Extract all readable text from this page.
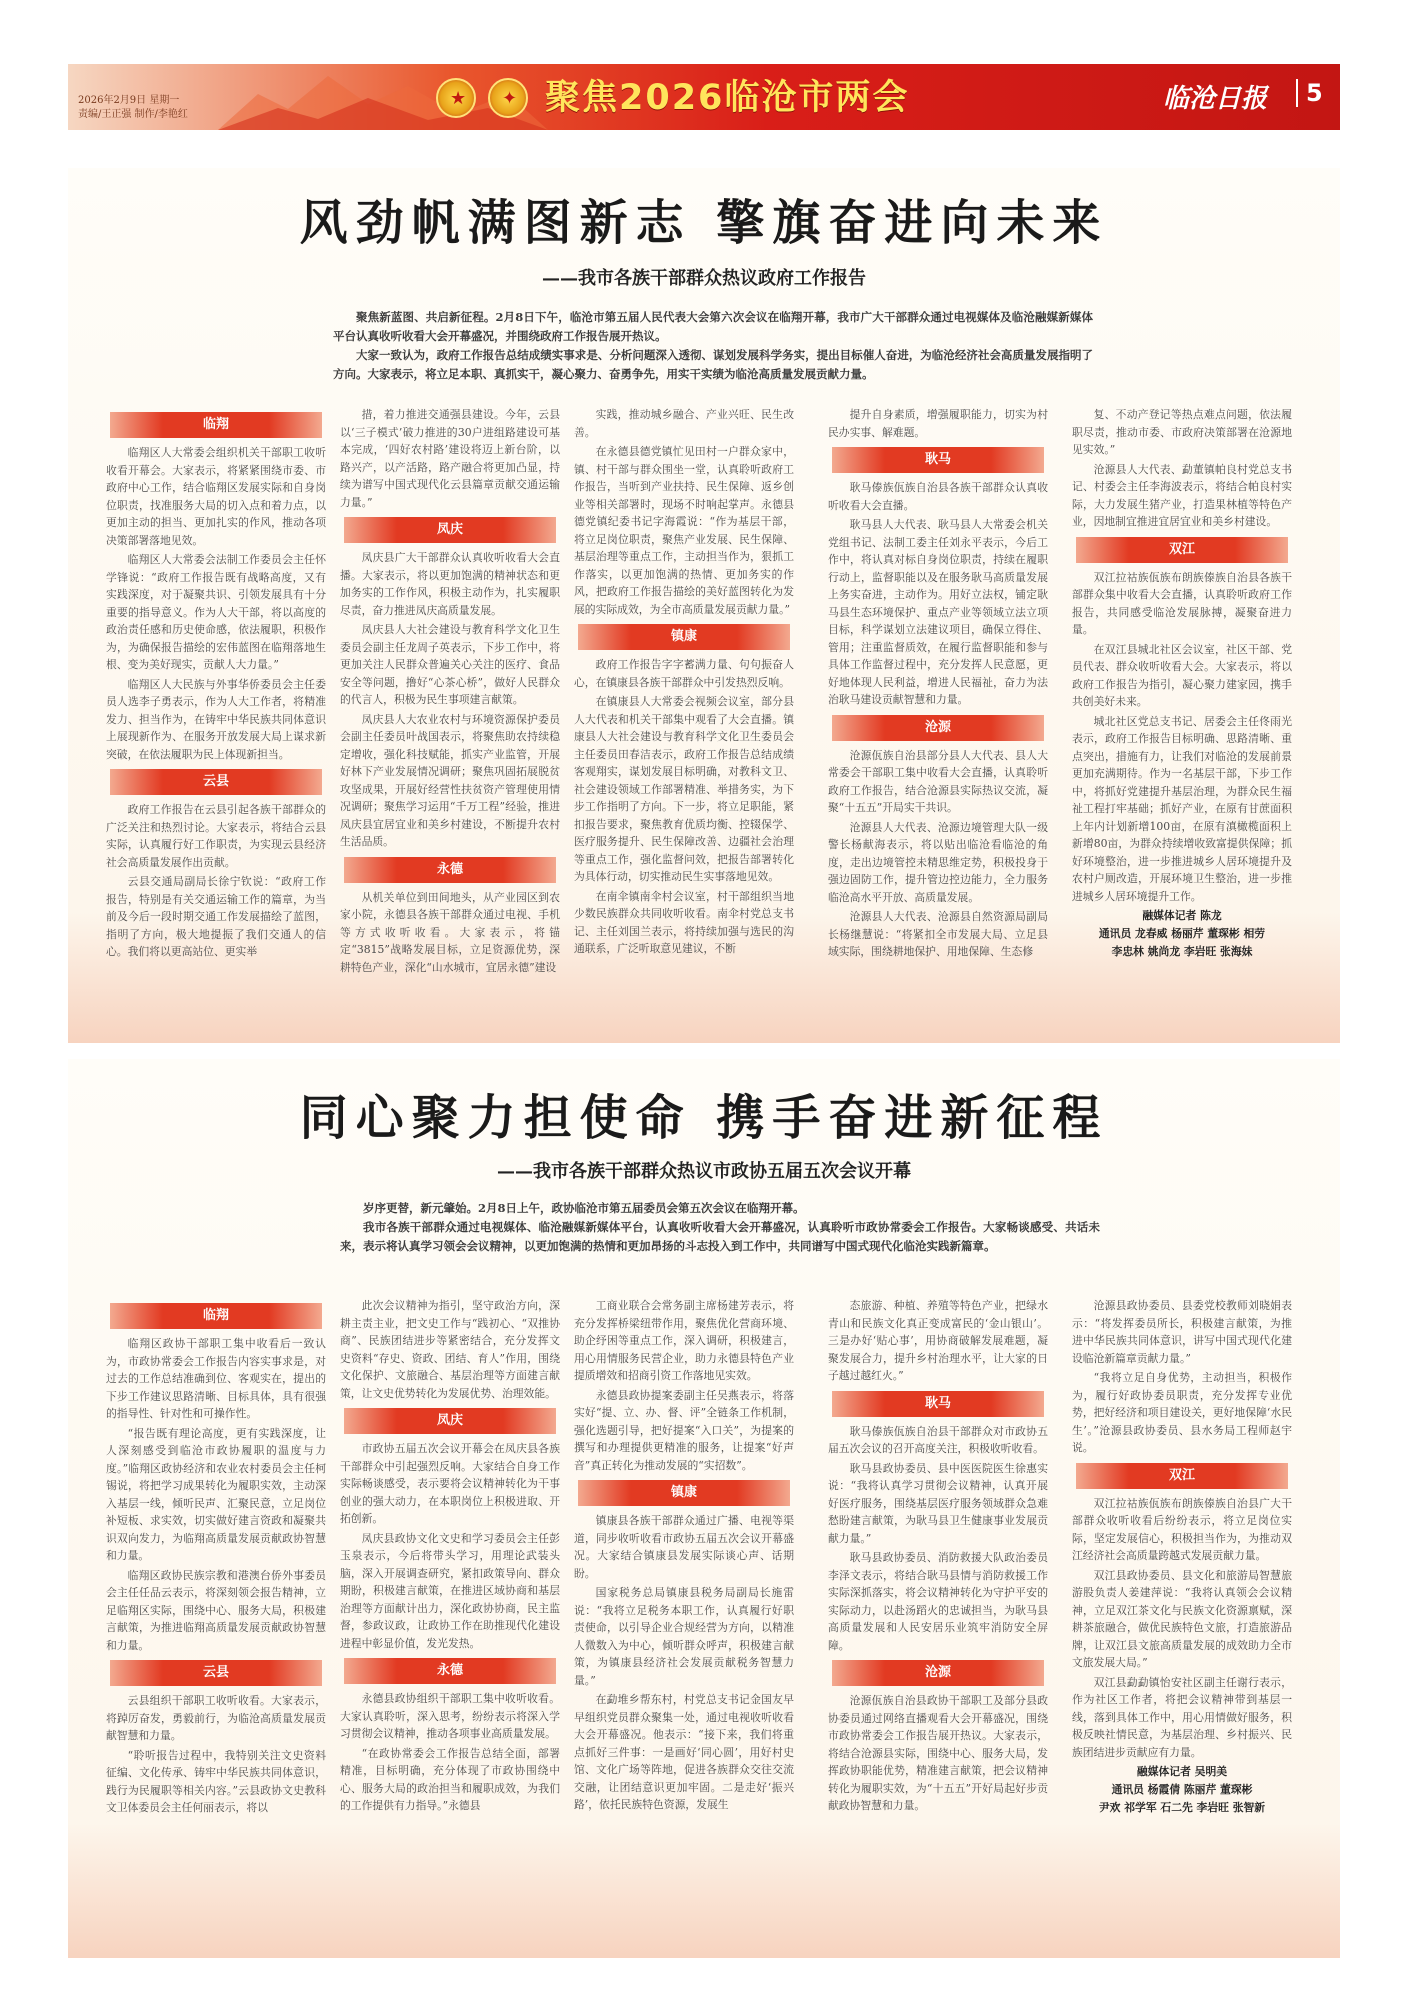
2026年2月9日 星期一
责编/王正强 制作/李艳红
★ ✦ 聚焦2026临沧市两会	临沧日报	5
风劲帆满图新志 擎旗奋进向未来
——我市各族干部群众热议政府工作报告

聚焦新蓝图、共启新征程。2月8日下午，临沧市第五届人民代表大会第六次会议在临翔开幕，我市广大干部群众通过电视媒体及临沧融媒新媒体平台认真收听收看大会开幕盛况，并围绕政府工作报告展开热议。

大家一致认为，政府工作报告总结成绩实事求是、分析问题深入透彻、谋划发展科学务实，提出目标催人奋进，为临沧经济社会高质量发展指明了方向。大家表示，将立足本职、真抓实干，凝心聚力、奋勇争先，用实干实绩为临沧高质量发展贡献力量。

临翔

临翔区人大常委会组织机关干部职工收听收看开幕会。大家表示，将紧紧围绕市委、市政府中心工作，结合临翔区发展实际和自身岗位职责，找准服务大局的切入点和着力点，以更加主动的担当、更加扎实的作风，推动各项决策部署落地见效。

临翔区人大常委会法制工作委员会主任怀学锋说：“政府工作报告既有战略高度，又有实践深度，对于凝聚共识、引领发展具有十分重要的指导意义。作为人大干部，将以高度的政治责任感和历史使命感，依法履职，积极作为，为确保报告描绘的宏伟蓝图在临翔落地生根、变为美好现实，贡献人大力量。”

临翔区人大民族与外事华侨委员会主任委员人选李子勇表示，作为人大工作者，将精准发力、担当作为，在铸牢中华民族共同体意识上展现新作为、在服务开放发展大局上谋求新突破，在依法履职为民上体现新担当。

云县

政府工作报告在云县引起各族干部群众的广泛关注和热烈讨论。大家表示，将结合云县实际，认真履行好工作职责，为实现云县经济社会高质量发展作出贡献。

云县交通局副局长徐宁钦说：“政府工作报告，特别是有关交通运输工作的篇章，为当前及今后一段时期交通工作发展描绘了蓝图，指明了方向，极大地提振了我们交通人的信心。我们将以更高站位、更实举

措，着力推进交通强县建设。今年，云县以‘三子模式’破力推进的30户进组路建设可基本完成，‘四好农村路’建设将迈上新台阶，以路兴产，以产活路，路产融合将更加凸显，持续为谱写中国式现代化云县篇章贡献交通运输力量。”

凤庆

凤庆县广大干部群众认真收听收看大会直播。大家表示，将以更加饱满的精神状态和更加务实的工作作风，积极主动作为，扎实履职尽责，奋力推进凤庆高质量发展。

凤庆县人大社会建设与教育科学文化卫生委员会副主任龙周子英表示，下步工作中，将更加关注人民群众普遍关心关注的医疗、食品安全等问题，撸好“心茶心桥”，做好人民群众的代言人，积极为民生事项建言献策。

凤庆县人大农业农村与环境资源保护委员会副主任委员叶战国表示，将聚焦助农持续稳定增收，强化科技赋能，抓实产业监管，开展好林下产业发展情况调研；聚焦巩固拓展脱贫攻坚成果，开展好经营性扶贫资产管理使用情况调研；聚焦学习运用“千万工程”经验，推进凤庆县宜居宜业和美乡村建设，不断提升农村生活品质。

永德

从机关单位到田间地头，从产业园区到农家小院，永德县各族干部群众通过电视、手机等方式收听收看。大家表示，将锚定“3815”战略发展目标，立足资源优势，深耕特色产业，深化“山水城市，宜居永德”建设

实践，推动城乡融合、产业兴旺、民生改善。

在永德县德党镇忙见田村一户群众家中，镇、村干部与群众围坐一堂，认真聆听政府工作报告，当听到产业扶持、民生保障、返乡创业等相关部署时，现场不时响起掌声。永德县德党镇纪委书记字海霞说：“作为基层干部，将立足岗位职责，聚焦产业发展、民生保障、基层治理等重点工作，主动担当作为，狠抓工作落实，以更加饱满的热情、更加务实的作风，把政府工作报告描绘的美好蓝图转化为发展的实际成效，为全市高质量发展贡献力量。”

镇康

政府工作报告字字蓄满力量、句句振奋人心，在镇康县各族干部群众中引发热烈反响。

在镇康县人大常委会视频会议室，部分县人大代表和机关干部集中观看了大会直播。镇康县人大社会建设与教育科学文化卫生委员会主任委员田春洁表示，政府工作报告总结成绩客观翔实，谋划发展目标明确，对教科文卫、社会建设领域工作部署精准、举措务实，为下步工作指明了方向。下一步，将立足职能，紧扣报告要求，聚焦教育优质均衡、控辍保学、医疗服务提升、民生保障改善、边疆社会治理等重点工作，强化监督问效，把报告部署转化为具体行动，切实推动民生实事落地见效。

在南伞镇南伞村会议室，村干部组织当地少数民族群众共同收听收看。南伞村党总支书记、主任刘国兰表示，将持续加强与选民的沟通联系，广泛听取意见建议，不断

提升自身素质，增强履职能力，切实为村民办实事、解难题。

耿马

耿马傣族佤族自治县各族干部群众认真收听收看大会直播。

耿马县人大代表、耿马县人大常委会机关党组书记、法制工委主任刘永平表示，今后工作中，将认真对标自身岗位职责，持续在履职行动上，监督职能以及在服务耿马高质量发展上务实奋进，主动作为。用好立法权，铺定耿马县生态环境保护、重点产业等领域立法立项目标，科学谋划立法建议项目，确保立得住、管用；注重监督质效，在履行监督职能和参与具体工作监督过程中，充分发挥人民意愿，更好地体现人民利益，增进人民福祉，奋力为法治耿马建设贡献智慧和力量。

沧源

沧源佤族自治县部分县人大代表、县人大常委会干部职工集中收看大会直播，认真聆听政府工作报告，结合沧源县实际热议交流，凝聚“十五五”开局实干共识。

沧源县人大代表、沧源边境管理大队一级警长杨献海表示，将以贴出临沧看临沧的角度，走出边境管控未精思维定势，积极投身于强边固防工作，提升管边控边能力，全力服务临沧高水平开放、高质量发展。

沧源县人大代表、沧源县自然资源局副局长杨继慧说：“将紧扣全市发展大局、立足县域实际，围绕耕地保护、用地保障、生态修

复、不动产登记等热点难点问题，依法履职尽责，推动市委、市政府决策部署在沧源地见实效。”

沧源县人大代表、勐董镇帕良村党总支书记、村委会主任李海波表示，将结合帕良村实际，大力发展生猪产业，打造果林植等特色产业，因地制宜推进宜居宜业和美乡村建设。

双江

双江拉祜族佤族布朗族傣族自治县各族干部群众集中收看大会直播，认真聆听政府工作报告，共同感受临沧发展脉搏，凝聚奋进力量。

在双江县城北社区会议室，社区干部、党员代表、群众收听收看大会。大家表示，将以政府工作报告为指引，凝心聚力建家园，携手共创美好未来。

城北社区党总支书记、居委会主任佟雨光表示，政府工作报告目标明确、思路清晰、重点突出，措施有力，让我们对临沧的发展前景更加充满期待。作为一名基层干部，下步工作中，将抓好党建提升基层治理，为群众民生福祉工程打牢基础；抓好产业，在原有甘蔗面积上年内计划新增100亩，在原有滇橄榄面积上新增80亩，为群众持续增收致富提供保障；抓好环境整治，进一步推进城乡人居环境提升及农村户厕改造，开展环境卫生整治，进一步推进城乡人居环境提升工作。

融媒体记者 陈龙
通讯员 龙春威 杨丽芹 董琛彬 相劳
李忠林 姚尚龙 李岩旺 张海妹
同心聚力担使命 携手奋进新征程
——我市各族干部群众热议市政协五届五次会议开幕

岁序更替，新元肇始。2月8日上午，政协临沧市第五届委员会第五次会议在临翔开幕。

我市各族干部群众通过电视媒体、临沧融媒新媒体平台，认真收听收看大会开幕盛况，认真聆听市政协常委会工作报告。大家畅谈感受、共话未来，表示将认真学习领会会议精神，以更加饱满的热情和更加昂扬的斗志投入到工作中，共同谱写中国式现代化临沧实践新篇章。

临翔

临翔区政协干部职工集中收看后一致认为，市政协常委会工作报告内容实事求是，对过去的工作总结准确到位、客观实在，提出的下步工作建议思路清晰、目标具体，具有很强的指导性、针对性和可操作性。

“报告既有理论高度，更有实践深度，让人深刻感受到临沧市政协履职的温度与力度。”临翔区政协经济和农业农村委员会主任柯锡说，将把学习成果转化为履职实效，主动深入基层一线，倾听民声、汇聚民意，立足岗位补短板、求实效，切实做好建言资政和凝聚共识双向发力，为临翔高质量发展贡献政协智慧和力量。

临翔区政协民族宗教和港澳台侨外事委员会主任任品云表示，将深刻领会报告精神，立足临翔区实际，围绕中心、服务大局，积极建言献策，为推进临翔高质量发展贡献政协智慧和力量。

云县

云县组织干部职工收听收看。大家表示，将踔厉奋发，勇毅前行，为临沧高质量发展贡献智慧和力量。

“聆听报告过程中，我特别关注文史资料征编、文化传承、铸牢中华民族共同体意识，践行为民履职等相关内容。”云县政协文史教科文卫体委员会主任何丽表示，将以

此次会议精神为指引，坚守政治方向，深耕主责主业，把文史工作与“践初心、“双推协商”、民族团结进步等紧密结合，充分发挥文史资料“存史、资政、团结、育人”作用，围绕文化保护、文旅融合、基层治理等方面建言献策，让文史优势转化为发展优势、治理效能。

凤庆

市政协五届五次会议开幕会在凤庆县各族干部群众中引起强烈反响。大家结合自身工作实际畅谈感受，表示要将会议精神转化为干事创业的强大动力，在本职岗位上积极进取、开拓创新。

凤庆县政协文化文史和学习委员会主任彭玉泉表示，今后将带头学习，用理论武装头脑，深入开展调查研究，紧扣政策导向、群众期盼，积极建言献策，在推进区域协商和基层治理等方面献计出力，深化政协协商，民主监督，参政议政，让政协工作在助推现代化建设进程中彰显价值，发光发热。

永德

永德县政协组织干部职工集中收听收看。大家认真聆听，深入思考，纷纷表示将深入学习贯彻会议精神，推动各项事业高质量发展。

“在政协常委会工作报告总结全面，部署精准，目标明确，充分体现了市政协围绕中心、服务大局的政治担当和履职成效，为我们的工作提供有力指导。”永德县

工商业联合会常务副主席杨建芳表示，将充分发挥桥梁纽带作用，聚焦优化营商环境、助企纾困等重点工作，深入调研，积极建言，用心用情服务民营企业，助力永德县特色产业提质增效和招商引资工作落地见实效。

永德县政协提案委副主任吴燕表示，将落实好“提、立、办、督、评”全链条工作机制，强化选题引导，把好提案“入口关”，为提案的撰写和办理提供更精准的服务，让提案“好声音”真正转化为推动发展的“实招数”。

镇康

镇康县各族干部群众通过广播、电视等渠道，同步收听收看市政协五届五次会议开幕盛况。大家结合镇康县发展实际谈心声、话期盼。

国家税务总局镇康县税务局副局长施雷说：“我将立足税务本职工作，认真履行好职责使命，以引导企业合规经营为方向，以精准人微数入为中心，倾听群众呼声，积极建言献策，为镇康县经济社会发展贡献税务智慧力量。”

在勐堆乡帮东村，村党总支书记金国友早早组织党员群众聚集一处，通过电视收听收看大会开幕盛况。他表示：“接下来，我们将重点抓好三件事：一是画好‘同心圆’，用好村史馆、文化广场等阵地，促进各族群众交往交流交融，让团结意识更加牢固。二是走好‘振兴路’，依托民族特色资源，发展生

态旅游、种植、养殖等特色产业，把绿水青山和民族文化真正变成富民的‘金山银山’。三是办好‘贴心事’，用协商破解发展难题，凝聚发展合力，提升乡村治理水平，让大家的日子越过越红火。”

耿马

耿马傣族佤族自治县干部群众对市政协五届五次会议的召开高度关注，积极收听收看。

耿马县政协委员、县中医医院医生徐惠实说：“我将认真学习贯彻会议精神，认真开展好医疗服务，围绕基层医疗服务领域群众急难愁盼建言献策，为耿马县卫生健康事业发展贡献力量。”

耿马县政协委员、消防救援大队政治委员李泽文表示，将结合耿马县情与消防救援工作实际深抓落实，将会议精神转化为守护平安的实际动力，以赴汤蹈火的忠诚担当，为耿马县高质量发展和人民安居乐业筑牢消防安全屏障。

沧源

沧源佤族自治县政协干部职工及部分县政协委员通过网络直播观看大会开幕盛况，围绕市政协常委会工作报告展开热议。大家表示，将结合沧源县实际，围绕中心、服务大局，发挥政协职能优势，精准建言献策，把会议精神转化为履职实效，为“十五五”开好局起好步贡献政协智慧和力量。

沧源县政协委员、县委党校教师刘晓娟表示：“将发挥委员所长，积极建言献策，为推进中华民族共同体意识，讲写中国式现代化建设临沧新篇章贡献力量。”

“我将立足自身优势，主动担当，积极作为，履行好政协委员职责，充分发挥专业优势，把好经济和项目建设关，更好地保障‘水民生’。”沧源县政协委员、县水务局工程师赵宇说。

双江

双江拉祜族佤族布朗族傣族自治县广大干部群众收听收看后纷纷表示，将立足岗位实际，坚定发展信心，积极担当作为，为推动双江经济社会高质量跨越式发展贡献力量。

双江县政协委员、县文化和旅游局智慧旅游股负责人姜建萍说：“我将认真领会会议精神，立足双江茶文化与民族文化资源禀赋，深耕茶旅融合，做优民族特色文旅，打造旅游品牌，让双江县文旅高质量发展的成效助力全市文旅发展大局。”

双江县勐勐镇怡安社区副主任谢行表示，作为社区工作者，将把会议精神带到基层一线，落到具体工作中，用心用情做好服务，积极反映社情民意，为基层治理、乡村振兴、民族团结进步贡献应有力量。

融媒体记者 吴明美
通讯员 杨霞倩 陈丽芹 董琛彬
尹欢 祁学军 石二先 李岩旺 张智新
